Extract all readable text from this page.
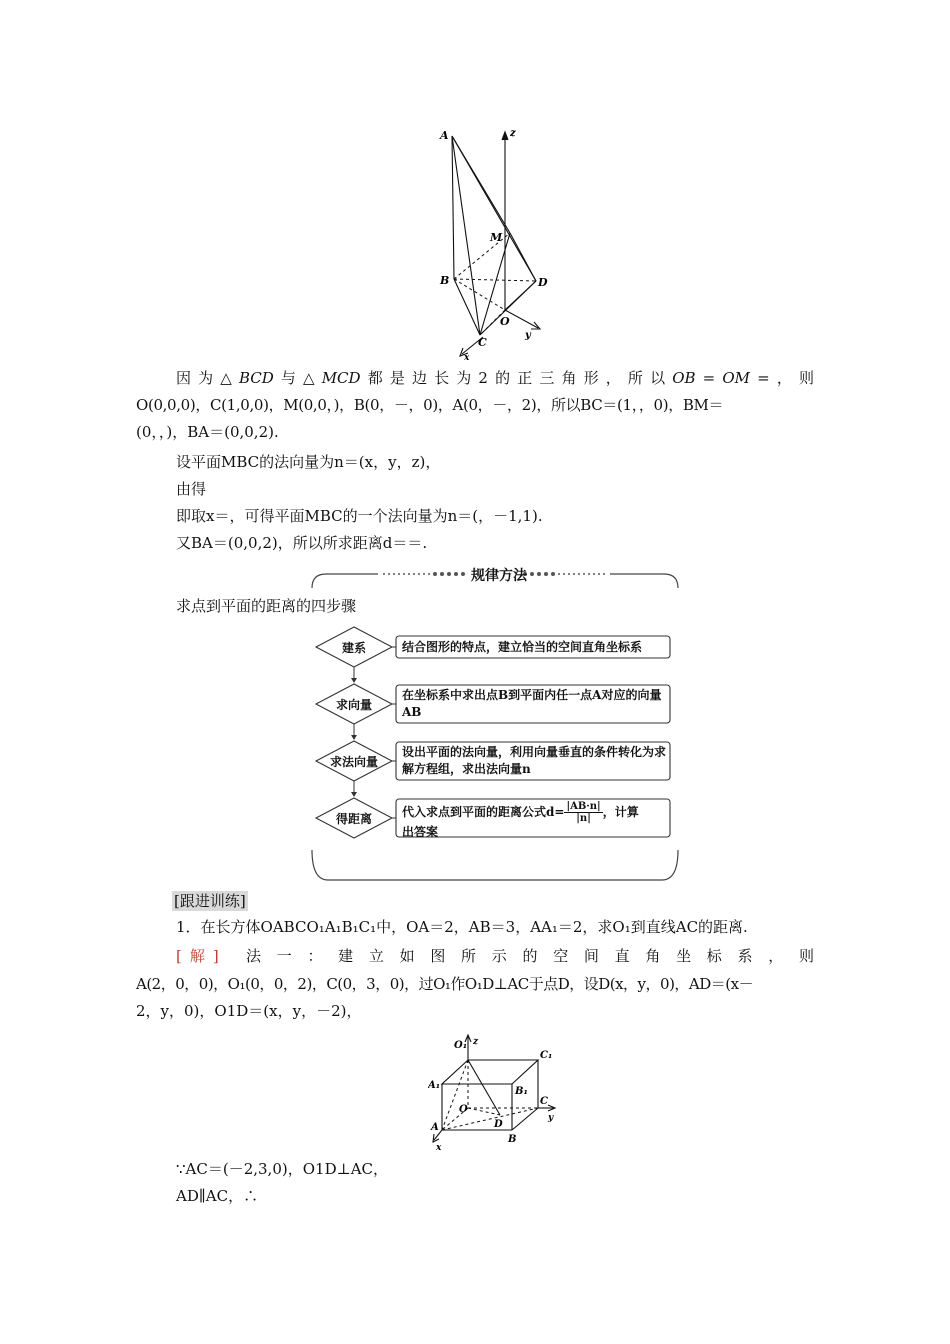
A	z
M
B	D
O
y
C
x
因 为 △ BCD 与 △ MCD 都 是 边 长 为 2 的 正 三 角 形 ， 所 以 OB = OM = ， 则
O(0,0,0)，C(1,0,0)，M(0,0，)，B(0，－，0)，A(0，－，2)，所以BC＝(1，，0)，BM＝
(0，，)，BA＝(0,0,2).
设平面MBC的法向量为n＝(x，y，z)，
由得
即取x＝，可得平面MBC的一个法向量为n＝(，－1,1).
又BA＝(0,0,2)，所以所求距离d＝＝.
规律方法
求点到平面的距离的四步骤
建系
求向量
求法向量
得距离
结合图形的特点，建立恰当的空间直角坐标系
在坐标系中求出点B到平面内任一点A对应的向量AB
设出平面的法向量，利用向量垂直的条件转化为求解方程组，求出法向量n
代入求点到平面的距离公式$d= \frac{|AB\cdot n|}{|n|}$ ，计算
出答案
[跟进训练]
1．在长方体OABCO₁A₁B₁C₁中，OA＝2，AB＝3，AA₁＝2，求O₁到直线AC的距离.
[解] 法 一 ： 建 立 如 图 所 示 的 空 间 直 角 坐 标 系 ， 则
A(2，0，0)，O₁(0，0，2)，C(0，3，0)，过O₁作O₁D⊥AC于点D，设D(x，y，0)，AD＝(x－
2，y，0)，O1D＝(x，y，－2)，
O₁ z
C₁
A₁
B₁
O
C
y
A	D
B
x
∵AC＝(－2,3,0)，O1D⊥AC，
AD∥AC，∴
